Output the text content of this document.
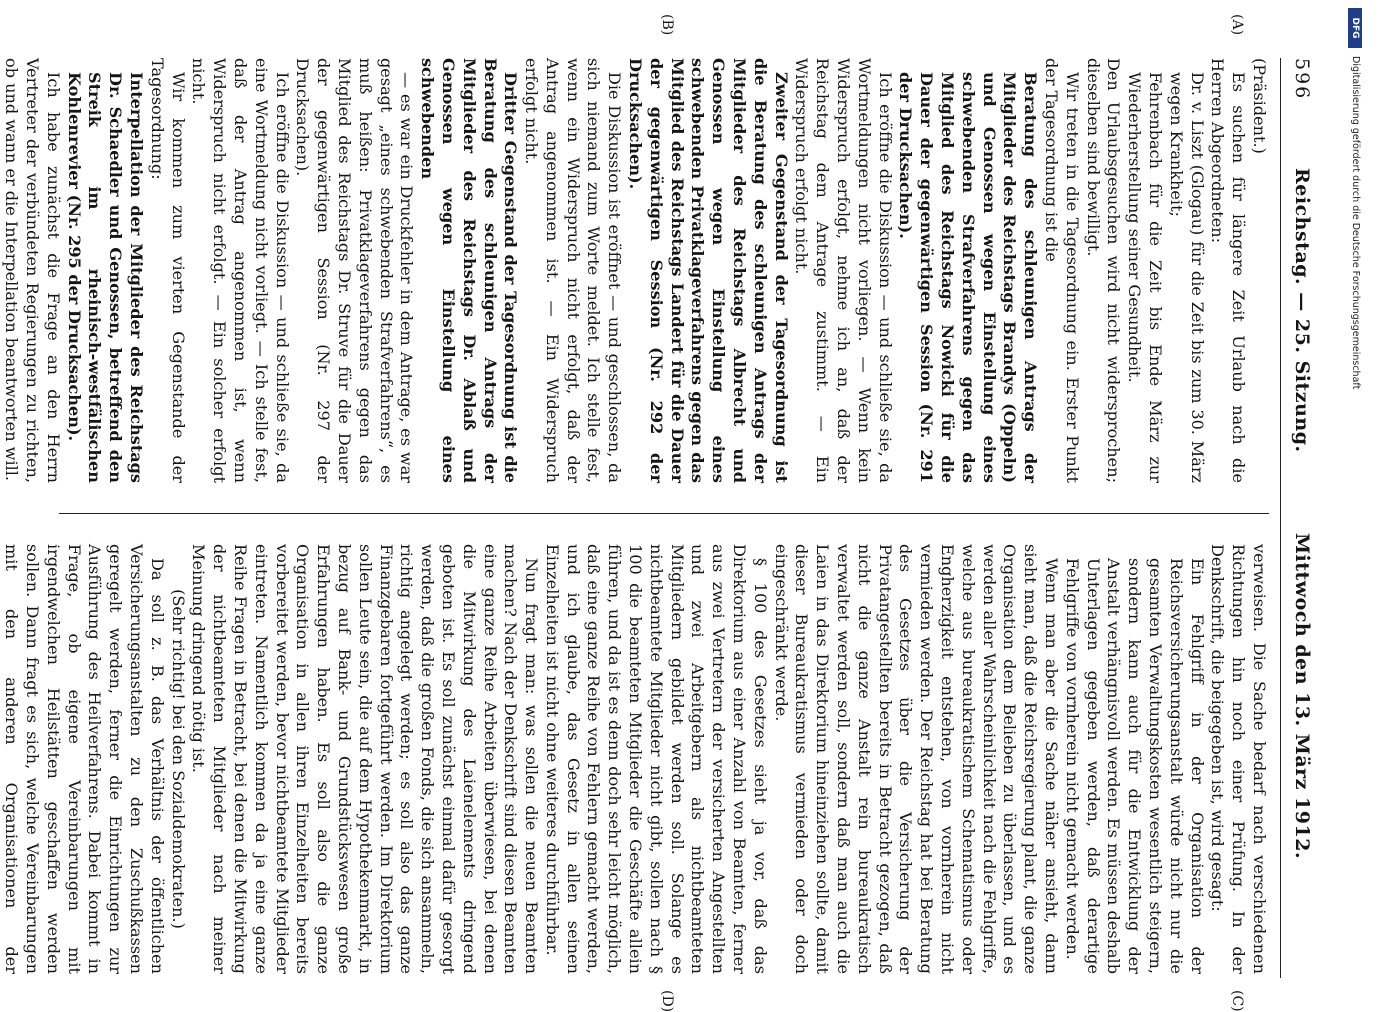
596
Reichstag. — 25. Sitzung.
Mittwoch den 13. März 1912.
(A)
(B)
(C)
(D)

(Präsident.)

Es suchen für längere Zeit Urlaub nach die Herren Abgeordneten:

Dr. v. Liszt (Glogau) für die Zeit bis zum 30. März wegen Krankheit;

Fehrenbach für die Zeit bis Ende März zur Wiederherstellung seiner Gesundheit.

Den Urlaubsgesuchen wird nicht widersprochen; dieselben sind bewilligt.

Wir treten in die Tagesordnung ein. Erster Punkt der Tagesordnung ist die

Beratung des schleunigen Antrags der Mitglieder des Reichstags Brandys (Oppeln) und Genossen wegen Einstellung eines schwebenden Strafverfahrens gegen das Mitglied des Reichstags Nowicki für die Dauer der gegenwärtigen Session (Nr. 291 der Drucksachen).

Ich eröffne die Diskussion — und schließe sie, da Wortmeldungen nicht vorliegen. — Wenn kein Widerspruch erfolgt, nehme ich an, daß der Reichstag dem Antrage zustimmt. — Ein Widerspruch erfolgt nicht.

Zweiter Gegenstand der Tagesordnung ist die Beratung des schleunigen Antrags der Mitglieder des Reichstags Albrecht und Genossen wegen Einstellung eines schwebenden Privatklageverfahrens gegen das Mitglied des Reichstags Landert für die Dauer der gegenwärtigen Session (Nr. 292 der Drucksachen).

Die Diskussion ist eröffnet — und geschlossen, da sich niemand zum Worte meldet. Ich stelle fest, wenn ein Widerspruch nicht erfolgt, daß der Antrag angenommen ist. — Ein Widerspruch erfolgt nicht.

Dritter Gegenstand der Tagesordnung ist die Beratung des schleunigen Antrags der Mitglieder des Reichstags Dr. Ablaß und Genossen wegen Einstellung eines schwebenden

— es war ein Druckfehler in dem Antrage, es war gesagt „eines schwebenden Strafverfahrens“, es muß heißen: Privatklageverfahrens gegen das Mitglied des Reichstags Dr. Struve für die Dauer der gegenwärtigen Session (Nr. 297 der Drucksachen).

Ich eröffne die Diskussion — und schließe sie, da eine Wortmeldung nicht vorliegt. — Ich stelle fest, daß der Antrag angenommen ist, wenn Widerspruch nicht erfolgt. — Ein solcher erfolgt nicht.

Wir kommen zum vierten Gegenstande der Tagesordnung:

Interpellation der Mitglieder des Reichstags Dr. Schaedler und Genossen, betreffend den Streik im rheinisch-westfälischen Kohlenrevier (Nr. 295 der Drucksachen).

Ich habe zunächst die Frage an den Herrn Vertreter der verbündeten Regierungen zu richten, ob und wann er die Interpellation beantworten will.

verweisen. Die Sache bedarf nach verschiedenen Richtungen hin noch einer Prüfung. In der Denkschrift, die beigegeben ist, wird gesagt:

Ein Fehlgriff in der Organisation der Reichsversicherungsanstalt würde nicht nur die gesamten Verwaltungskosten wesentlich steigern, sondern kann auch für die Entwicklung der Anstalt verhängnisvoll werden. Es müssen deshalb Unterlagen gegeben werden, daß derartige Fehlgriffe von vornherein nicht gemacht werden.

Wenn man aber die Sache näher ansieht, dann sieht man, daß die Reichsregierung plant, die ganze Organisation dem Belieben zu überlassen, und es werden aller Wahrscheinlichkeit nach die Fehlgriffe, welche aus bureaukratischem Schematismus oder Engherzigkeit entstehen, von vornherein nicht vermieden werden. Der Reichstag hat bei Beratung des Gesetzes über die Versicherung der Privatangestellten bereits in Betracht gezogen, daß nicht die ganze Anstalt rein bureaukratisch verwaltet werden soll, sondern daß man auch die Laien in das Direktorium hineinziehen sollte, damit dieser Bureaukratismus vermieden oder doch eingeschränkt werde.

§ 100 des Gesetzes sieht ja vor, daß das Direktorium aus einer Anzahl von Beamten, ferner aus zwei Vertretern der versicherten Angestellten und zwei Arbeitgebern als nichtbeamteten Mitgliedern gebildet werden soll. Solange es nichtbeamtete Mitglieder nicht gibt, sollen nach § 100 die beamteten Mitglieder die Geschäfte allein führen, und da ist es denn doch sehr leicht möglich, daß eine ganze Reihe von Fehlern gemacht werden, und ich glaube, das Gesetz in allen seinen Einzelheiten ist nicht ohne weiteres durchführbar.

Nun fragt man: was sollen die neuen Beamten machen? Nach der Denkschrift sind diesen Beamten eine ganze Reihe Arbeiten überwiesen, bei denen die Mitwirkung des Laienelements dringend geboten ist. Es soll zunächst einmal dafür gesorgt werden, daß die großen Fonds, die sich ansammeln, richtig angelegt werden; es soll also das ganze Finanzgebaren fortgeführt werden. Im Direktorium sollen Leute sein, die auf dem Hypothekenmarkt, in bezug auf Bank- und Grundstückswesen große Erfahrungen haben. Es soll also die ganze Organisation in allen ihren Einzelheiten bereits vorbereitet werden, bevor nichtbeamtete Mitglieder eintreten. Namentlich kommen da ja eine ganze Reihe Fragen in Betracht, bei denen die Mitwirkung der nichtbeamteten Mitglieder nach meiner Meinung dringend nötig ist.

(Sehr richtig! bei den Sozialdemokraten.)

Da soll z. B. das Verhältnis der öffentlichen Versicherungsanstalten zu den Zuschußkassen geregelt werden, ferner die Einrichtungen zur Ausführung des Heilverfahrens. Dabei kommt in Frage, ob eigene Vereinbarungen mit irgendwelchen Heilstätten geschaffen werden sollen. Dann fragt es sich, welche Vereinbarungen mit den anderen Organisationen der

DFGDigitalisierung gefördert durch die Deutsche Forschungsgemeinschaft
